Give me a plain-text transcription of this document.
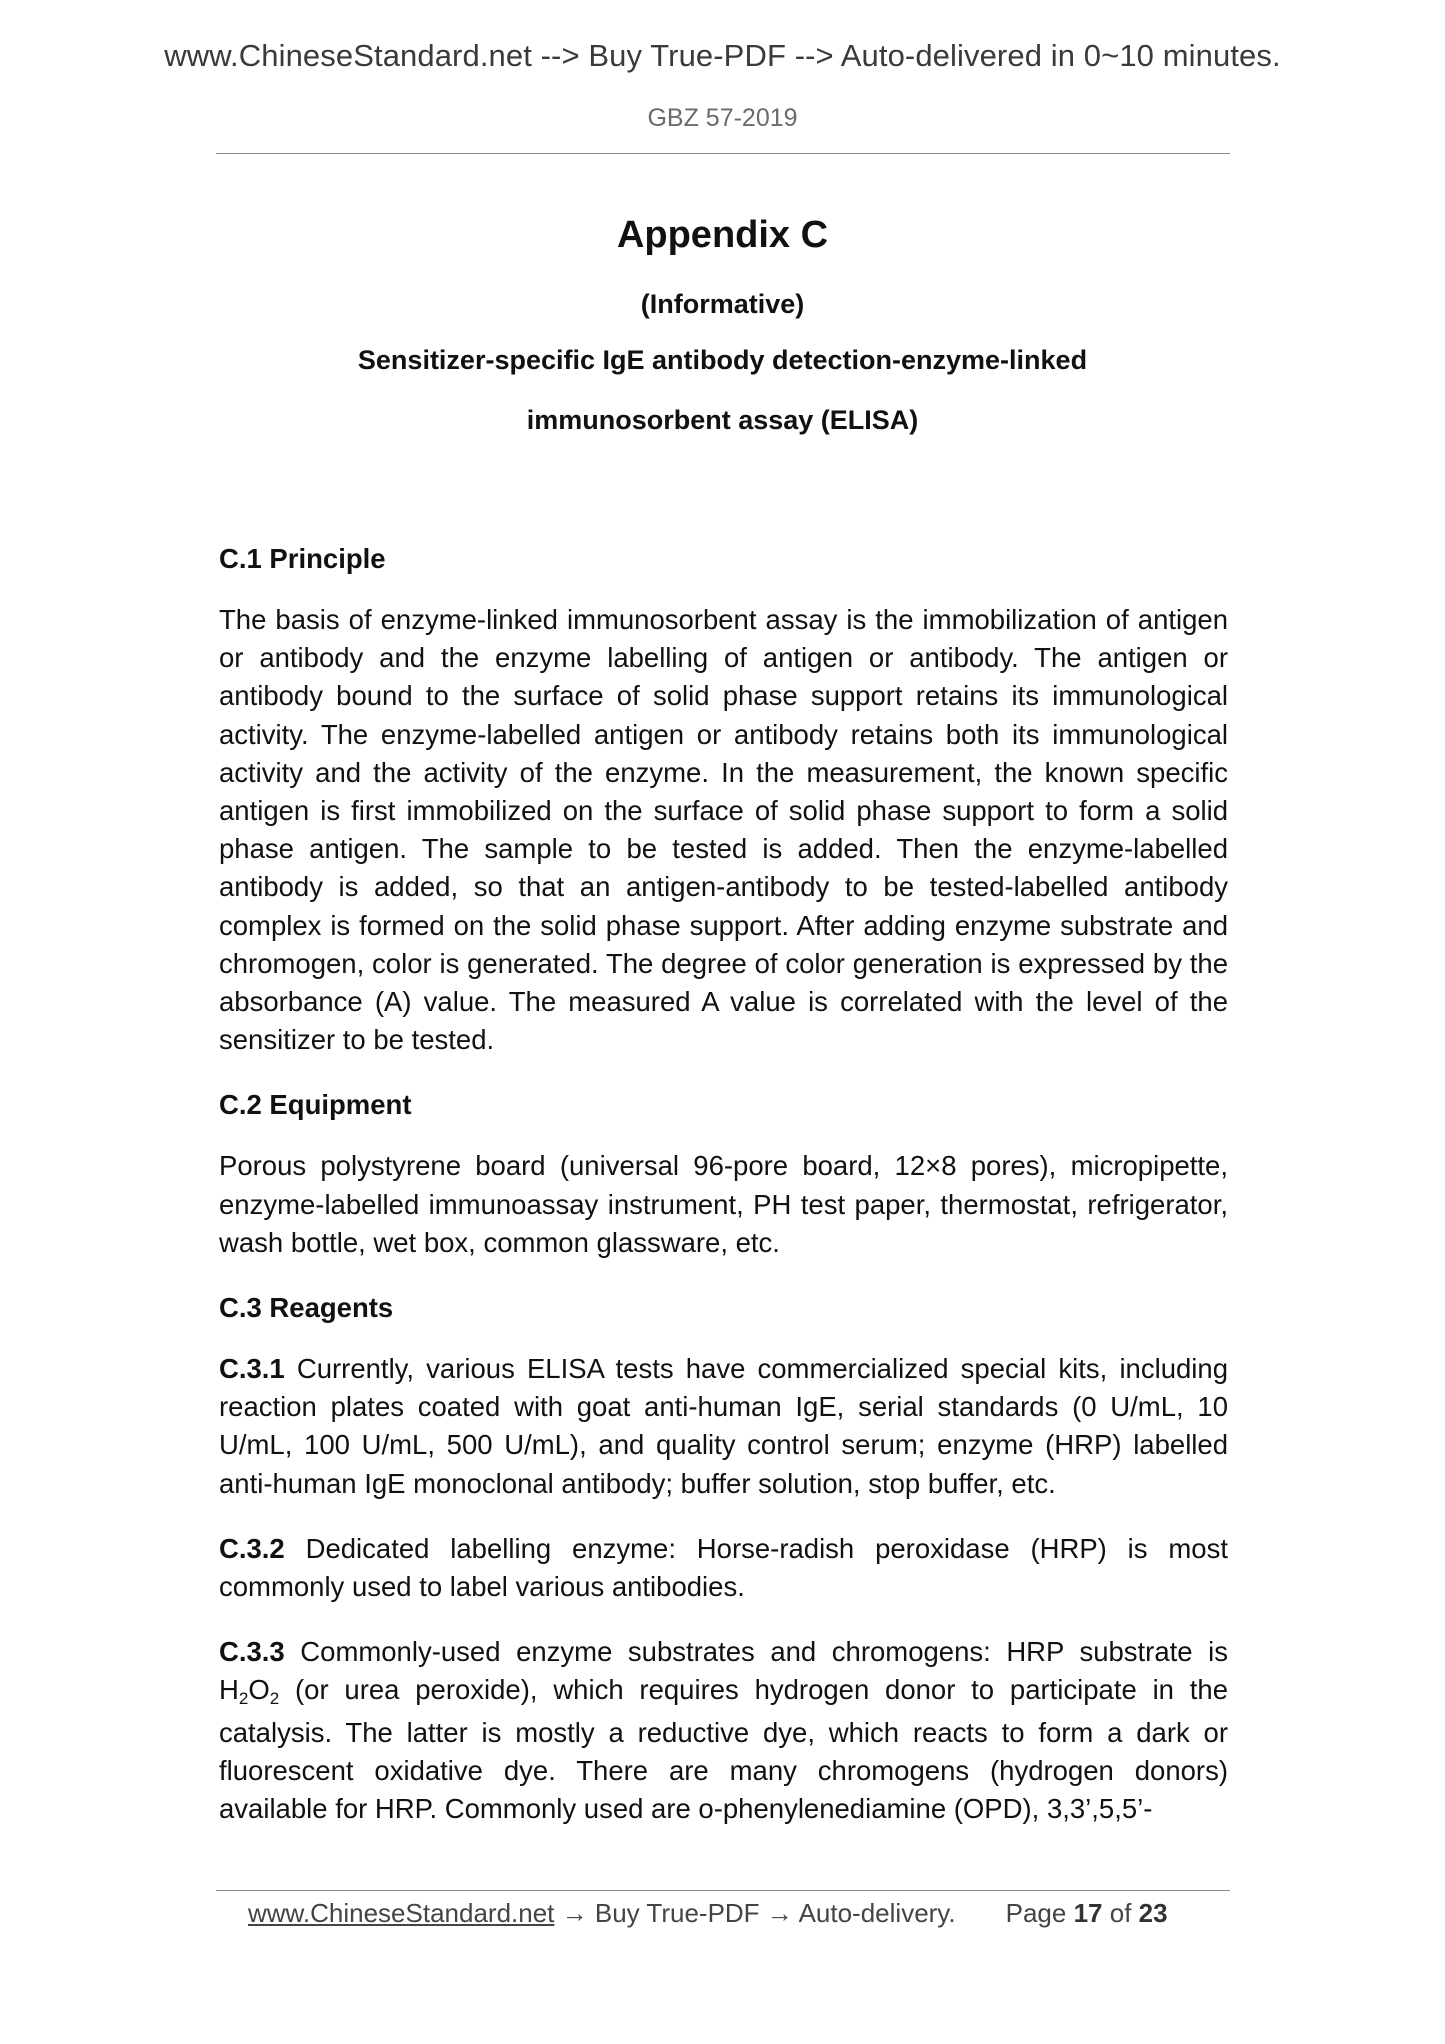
www.ChineseStandard.net --> Buy True-PDF --> Auto-delivered in 0~10 minutes.
GBZ 57-2019
Appendix C
(Informative)
Sensitizer-specific IgE antibody detection-enzyme-linked
immunosorbent assay (ELISA)
C.1 Principle

The basis of enzyme-linked immunosorbent assay is the immobilization of antigen or antibody and the enzyme labelling of antigen or antibody. The antigen or antibody bound to the surface of solid phase support retains its immunological activity. The enzyme-labelled antigen or antibody retains both its immunological activity and the activity of the enzyme. In the measurement, the known specific antigen is first immobilized on the surface of solid phase support to form a solid phase antigen. The sample to be tested is added. Then the enzyme-labelled antibody is added, so that an antigen-antibody to be tested-labelled antibody complex is formed on the solid phase support. After adding enzyme substrate and chromogen, color is generated. The degree of color generation is expressed by the absorbance (A) value. The measured A value is correlated with the level of the sensitizer to be tested.

C.2 Equipment

Porous polystyrene board (universal 96-pore board, 12×8 pores), micropipette, enzyme-labelled immunoassay instrument, PH test paper, thermostat, refrigerator, wash bottle, wet box, common glassware, etc.

C.3 Reagents

C.3.1 Currently, various ELISA tests have commercialized special kits, including reaction plates coated with goat anti-human IgE, serial standards (0 U/mL, 10 U/mL, 100 U/mL, 500 U/mL), and quality control serum; enzyme (HRP) labelled anti-human IgE monoclonal antibody; buffer solution, stop buffer, etc.

C.3.2 Dedicated labelling enzyme: Horse-radish peroxidase (HRP) is most commonly used to label various antibodies.

C.3.3 Commonly-used enzyme substrates and chromogens: HRP substrate is $H_2O_2$ (or urea peroxide), which requires hydrogen donor to participate in the catalysis. The latter is mostly a reductive dye, which reacts to form a dark or fluorescent oxidative dye. There are many chromogens (hydrogen donors) available for HRP. Commonly used are o-phenylenediamine (OPD), 3,3’,5,5’-

www.ChineseStandard.net → Buy True-PDF → Auto-delivery. Page 17 of 23
